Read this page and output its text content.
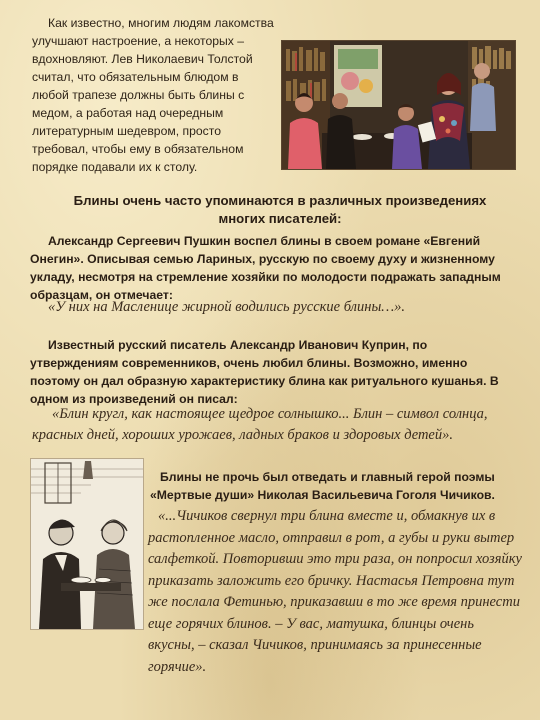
Как известно, многим людям лакомства улучшают настроение, а некоторых – вдохновляют. Лев Николаевич Толстой считал, что обязательным блюдом в любой трапезе должны быть блины с медом, а работая над очередным литературным шедевром, просто требовал, чтобы ему в обязательном порядке подавали их к столу.

Блины очень часто упоминаются в различных произведениях многих писателей:

Александр Сергеевич Пушкин воспел блины в своем романе «Евгений Онегин». Описывая семью Лариных, русскую по своему духу и жизненному укладу, несмотря на стремление хозяйки по молодости подражать западным образцам, он отмечает:

«У них на Масленице жирной водились русские блины…».

Известный русский писатель Александр Иванович Куприн, по утверждениям современников, очень любил блины. Возможно, именно поэтому он дал образную характеристику блина как ритуального кушанья. В одном из произведений он писал:

«Блин кругл, как настоящее щедрое солнышко... Блин – символ солнца, красных дней, хороших урожаев, ладных браков и здоровых детей».

Блины не прочь был отведать и главный герой поэмы «Мертвые души» Николая Васильевича Гоголя Чичиков.

«...Чичиков свернул три блина вместе и, обмакнув их в растопленное масло, отправил в рот, а губы и руки вытер салфеткой. Повторивши это три раза, он попросил хозяйку приказать заложить его бричку. Настасья Петровна тут же послала Фетинью, приказавши в то же время принести еще горячих блинов. – У вас, матушка, блинцы очень вкусны, – сказал Чичиков, принимаясь за принесенные горячие».
